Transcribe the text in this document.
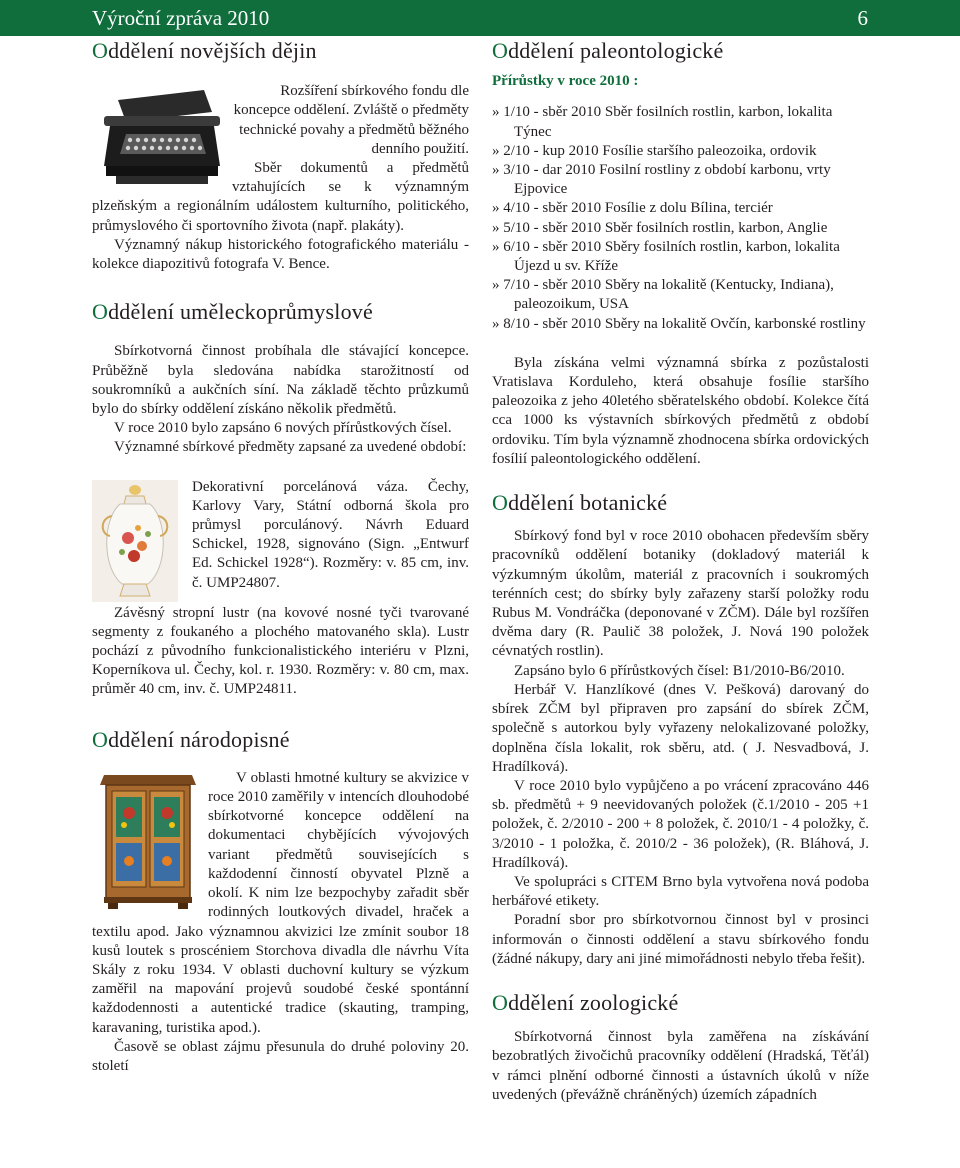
Výroční zpráva 2010	6
Oddělení novějších dějin

Rozšíření sbírkového fondu dle koncepce oddělení. Zvláště o předměty technické povahy a předmětů běžného denního použití.

Sběr dokumentů a předmětů vztahujících se k významným plzeňským a regionálním událostem kulturního, politického, průmyslového či sportovního života (např. plakáty).

Významný nákup historického fotografického materiálu - kolekce diapozitivů fotografa V. Bence.

Oddělení uměleckoprůmyslové

Sbírkotvorná činnost probíhala dle stávající koncepce. Průběžně byla sledována nabídka starožitností od soukromníků a aukčních síní. Na základě těchto průzkumů bylo do sbírky oddělení získáno několik předmětů.

V roce 2010 bylo zapsáno 6 nových přírůstkových čísel.

Významné sbírkové předměty zapsané za uvedené období:

Dekorativní porcelánová váza. Čechy, Karlovy Vary, Státní odborná škola pro průmysl porculánový. Návrh Eduard Schickel, 1928, signováno (Sign. „Entwurf Ed. Schickel 1928“). Rozměry: v. 85 cm, inv. č. UMP24807.

Závěsný stropní lustr (na kovové nosné tyči tvarované segmenty z foukaného a plochého matovaného skla). Lustr pochází z původního funkcionalistického interiéru v Plzni, Koperníkova ul. Čechy, kol. r. 1930. Rozměry: v. 80 cm, max. průměr 40 cm, inv. č. UMP24811.

Oddělení národopisné

V oblasti hmotné kultury se akvizice v roce 2010 zaměřily v intencích dlouhodobé sbírkotvorné koncepce oddělení na dokumentaci chybějících vývojových variant předmětů souvisejících s každodenní činností obyvatel Plzně a okolí. K nim lze bezpochyby zařadit sběr rodinných loutkových divadel, hraček a textilu apod. Jako významnou akvizici lze zmínit soubor 18 kusů loutek s proscéniem Storchova divadla dle návrhu Víta Skály z roku 1934. V oblasti duchovní kultury se výzkum zaměřil na mapování projevů soudobé české spontánní každodennosti a autentické tradice (skauting, tramping, karavaning, turistika apod.).

Časově se oblast zájmu přesunula do druhé poloviny 20. století

Oddělení paleontologické
Přírůstky v roce 2010 :
» 1/10 - sběr 2010 Sběr fosilních rostlin, karbon, lokalita Týnec
» 2/10 - kup 2010 Fosílie staršího paleozoika, ordovik
» 3/10 - dar 2010 Fosilní rostliny z období karbonu, vrty Ejpovice
» 4/10 - sběr 2010 Fosílie z dolu Bílina, terciér
» 5/10 - sběr 2010 Sběr fosilních rostlin, karbon, Anglie
» 6/10 - sběr 2010 Sběry fosilních rostlin, karbon, lokalita Újezd u sv. Kříže
» 7/10 - sběr 2010 Sběry na lokalitě (Kentucky, Indiana), paleozoikum, USA
» 8/10 - sběr 2010 Sběry na lokalitě Ovčín, karbonské rostliny

Byla získána velmi významná sbírka z pozůstalosti Vratislava Korduleho, která obsahuje fosílie staršího paleozoika z jeho 40letého sběratelského období. Kolekce čítá cca 1000 ks výstavních sbírkových předmětů z období ordoviku. Tím byla významně zhodnocena sbírka ordovických fosílií paleontologického oddělení.

Oddělení botanické

Sbírkový fond byl v roce 2010 obohacen především sběry pracovníků oddělení botaniky (dokladový materiál k výzkumným úkolům, materiál z pracovních i soukromých terénních cest; do sbírky byly zařazeny starší položky rodu Rubus M. Vondráčka (deponované v ZČM). Dále byl rozšířen dvěma dary (R. Paulič 38 položek, J. Nová 190 položek cévnatých rostlin).

Zapsáno bylo 6 přírůstkových čísel: B1/2010-B6/2010.

Herbář V. Hanzlíkové (dnes V. Pešková) darovaný do sbírek ZČM byl připraven pro zapsání do sbírek ZČM, společně s autorkou byly vyřazeny nelokalizované položky, doplněna čísla lokalit, rok sběru, atd. ( J. Nesvadbová, J. Hradílková).

V roce 2010 bylo vypůjčeno a po vrácení zpracováno 446 sb. předmětů + 9 neevidovaných položek (č.1/2010 - 205 +1 položek, č. 2/2010 - 200 + 8 položek, č. 2010/1 - 4 položky, č. 3/2010 - 1 položka, č. 2010/2 - 36 položek), (R. Bláhová, J. Hradílková).

Ve spolupráci s CITEM Brno byla vytvořena nová podoba herbářové etikety.

Poradní sbor pro sbírkotvornou činnost byl v prosinci informován o činnosti oddělení a stavu sbírkového fondu (žádné nákupy, dary ani jiné mimořádnosti nebylo třeba řešit).

Oddělení zoologické

Sbírkotvorná činnost byla zaměřena na získávání bezobratlých živočichů pracovníky oddělení (Hradská, Těťál) v rámci plnění odborné činnosti a ústavních úkolů v níže uvedených (převážně chráněných) územích západních
